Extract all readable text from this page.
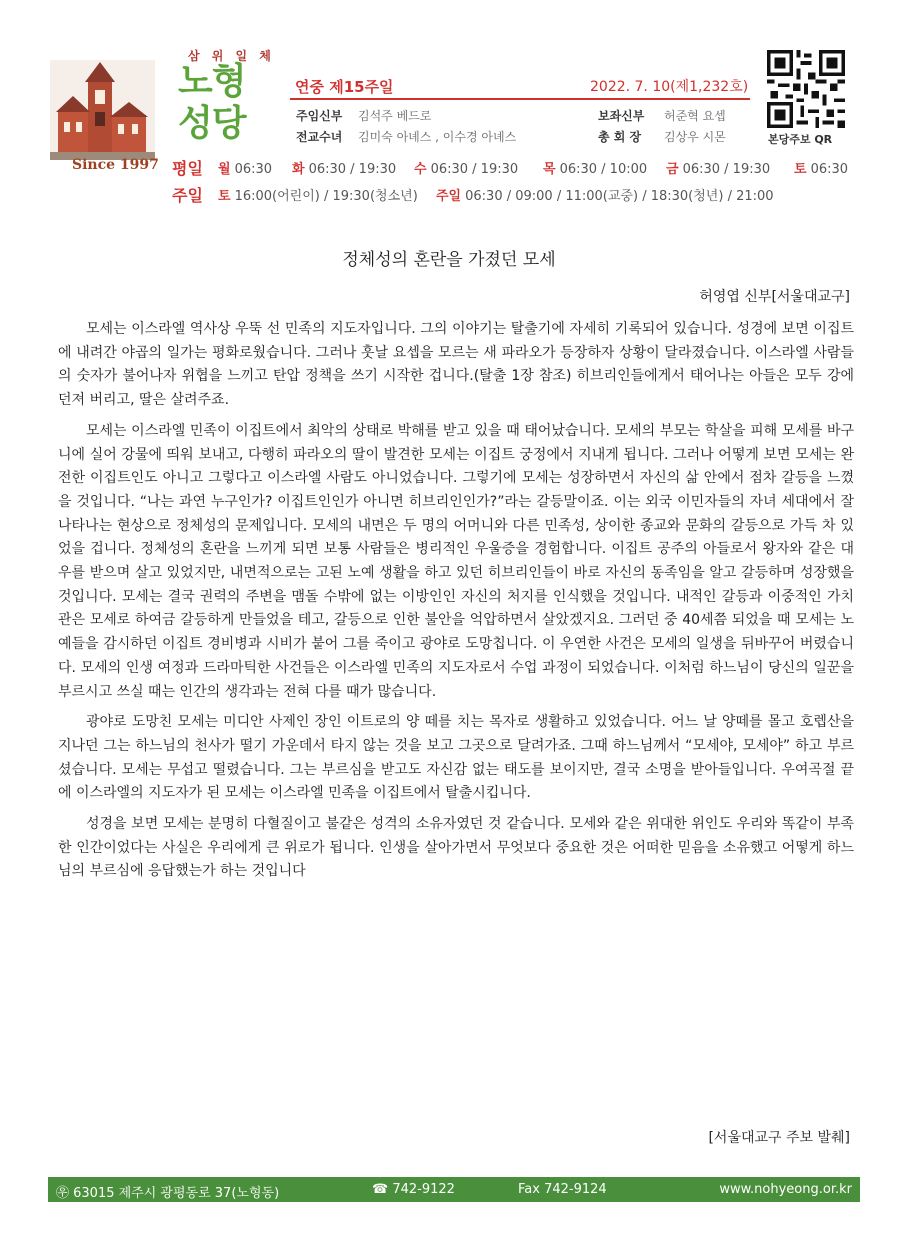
Since 1997
삼 위 일 체
노형
성당
연중 제15주일	2022. 7. 10(제1,232호)
주임신부 김석주 베드로	보좌신부 허준혁 요셉
전교수녀 김미숙 아녜스 , 이수경 아녜스	총 회 장 김상우 시몬	본당주보 QR
평일 월 06:30 화 06:30 / 19:30 수 06:30 / 19:30 목 06:30 / 10:00 금 06:30 / 19:30 토 06:30
주일 토 16:00(어린이) / 19:30(청소년) 주일 06:30 / 09:00 / 11:00(교중) / 18:30(청년) / 21:00
정체성의 혼란을 가졌던 모세
허영엽 신부[서울대교구]

모세는 이스라엘 역사상 우뚝 선 민족의 지도자입니다. 그의 이야기는 탈출기에 자세히 기록되어 있습니다. 성경에 보면 이집트에 내려간 야곱의 일가는 평화로웠습니다. 그러나 훗날 요셉을 모르는 새 파라오가 등장하자 상황이 달라졌습니다. 이스라엘 사람들의 숫자가 불어나자 위협을 느끼고 탄압 정책을 쓰기 시작한 겁니다.(탈출 1장 참조) 히브리인들에게서 태어나는 아들은 모두 강에 던져 버리고, 딸은 살려주죠.

모세는 이스라엘 민족이 이집트에서 최악의 상태로 박해를 받고 있을 때 태어났습니다. 모세의 부모는 학살을 피해 모세를 바구니에 실어 강물에 띄워 보내고, 다행히 파라오의 딸이 발견한 모세는 이집트 궁정에서 지내게 됩니다. 그러나 어떻게 보면 모세는 완전한 이집트인도 아니고 그렇다고 이스라엘 사람도 아니었습니다. 그렇기에 모세는 성장하면서 자신의 삶 안에서 점차 갈등을 느꼈을 것입니다. “나는 과연 누구인가? 이집트인인가 아니면 히브리인인가?”라는 갈등말이죠. 이는 외국 이민자들의 자녀 세대에서 잘 나타나는 현상으로 정체성의 문제입니다. 모세의 내면은 두 명의 어머니와 다른 민족성, 상이한 종교와 문화의 갈등으로 가득 차 있었을 겁니다. 정체성의 혼란을 느끼게 되면 보통 사람들은 병리적인 우울증을 경험합니다. 이집트 공주의 아들로서 왕자와 같은 대우를 받으며 살고 있었지만, 내면적으로는 고된 노예 생활을 하고 있던 히브리인들이 바로 자신의 동족임을 알고 갈등하며 성장했을 것입니다. 모세는 결국 권력의 주변을 맴돌 수밖에 없는 이방인인 자신의 처지를 인식했을 것입니다. 내적인 갈등과 이중적인 가치관은 모세로 하여금 갈등하게 만들었을 테고, 갈등으로 인한 불안을 억압하면서 살았겠지요. 그러던 중 40세쯤 되었을 때 모세는 노예들을 감시하던 이집트 경비병과 시비가 붙어 그를 죽이고 광야로 도망칩니다. 이 우연한 사건은 모세의 일생을 뒤바꾸어 버렸습니다. 모세의 인생 여정과 드라마틱한 사건들은 이스라엘 민족의 지도자로서 수업 과정이 되었습니다. 이처럼 하느님이 당신의 일꾼을 부르시고 쓰실 때는 인간의 생각과는 전혀 다를 때가 많습니다.

광야로 도망친 모세는 미디안 사제인 장인 이트로의 양 떼를 치는 목자로 생활하고 있었습니다. 어느 날 양떼를 몰고 호렙산을 지나던 그는 하느님의 천사가 떨기 가운데서 타지 않는 것을 보고 그곳으로 달려가죠. 그때 하느님께서 “모세야, 모세야” 하고 부르셨습니다. 모세는 무섭고 떨렸습니다. 그는 부르심을 받고도 자신감 없는 태도를 보이지만, 결국 소명을 받아들입니다. 우여곡절 끝에 이스라엘의 지도자가 된 모세는 이스라엘 민족을 이집트에서 탈출시킵니다.

성경을 보면 모세는 분명히 다혈질이고 불같은 성격의 소유자였던 것 같습니다. 모세와 같은 위대한 위인도 우리와 똑같이 부족한 인간이었다는 사실은 우리에게 큰 위로가 됩니다. 인생을 살아가면서 무엇보다 중요한 것은 어떠한 믿음을 소유했고 어떻게 하느님의 부르심에 응답했는가 하는 것입니다

[서울대교구 주보 발췌]
㉾ 63015 제주시 광평동로 37(노형동)	☎ 742-9122	Fax 742-9124	www.nohyeong.or.kr
